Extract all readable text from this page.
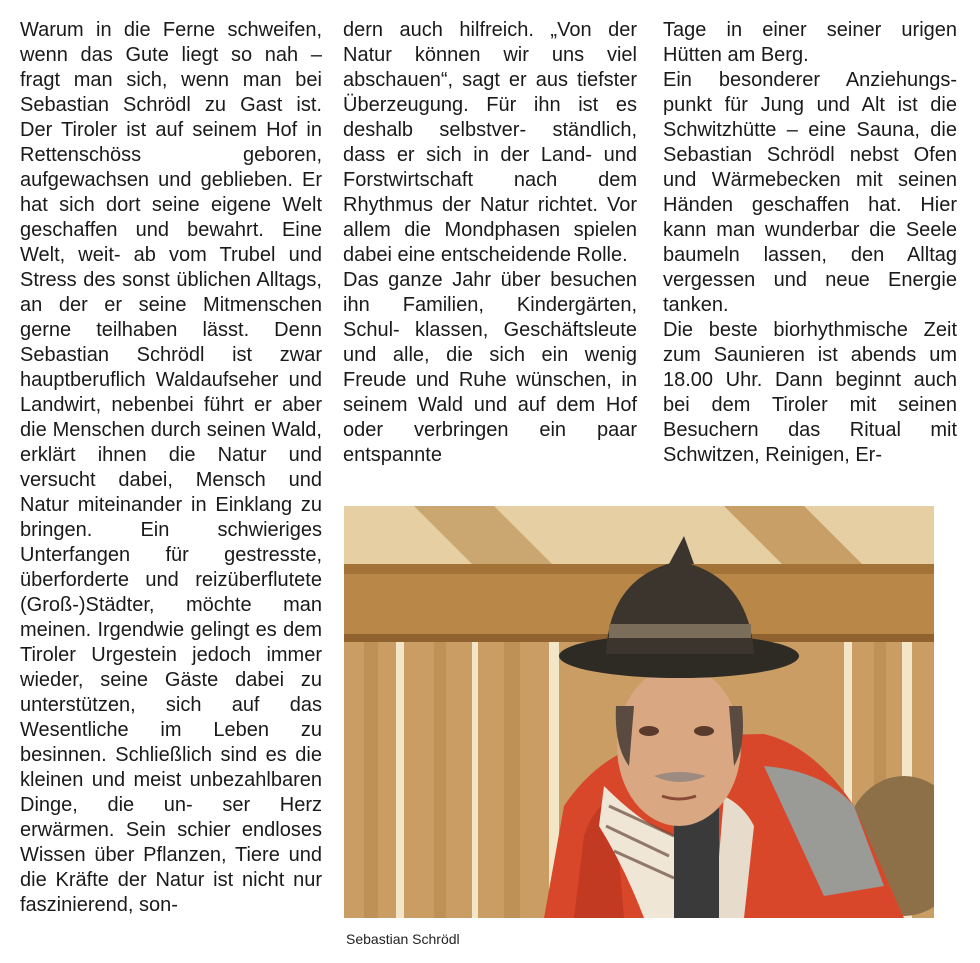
Warum in die Ferne schweifen, wenn das Gute liegt so nah – fragt man sich, wenn man bei Sebastian Schrödl zu Gast ist. Der Tiroler ist auf seinem Hof in Rettenschöss geboren, aufgewachsen und geblieben. Er hat sich dort seine eigene Welt geschaffen und bewahrt. Eine Welt, weit- ab vom Trubel und Stress des sonst üblichen Alltags, an der er seine Mitmenschen gerne teilhaben lässt. Denn Sebastian Schrödl ist zwar hauptberuflich Waldaufseher und Landwirt, nebenbei führt er aber die Menschen durch seinen Wald, erklärt ihnen die Natur und versucht dabei, Mensch und Natur miteinander in Einklang zu bringen. Ein schwieriges Unterfangen für gestresste, überforderte und reizüberflutete (Groß-)Städter, möchte man meinen. Irgendwie gelingt es dem Tiroler Urgestein jedoch immer wieder, seine Gäste dabei zu unterstützen, sich auf das Wesentliche im Leben zu besinnen. Schließlich sind es die kleinen und meist unbezahlbaren Dinge, die un- ser Herz erwärmen. Sein schier endloses Wissen über Pflanzen, Tiere und die Kräfte der Natur ist nicht nur faszinierend, son-

dern auch hilfreich. „Von der Natur können wir uns viel abschauen“, sagt er aus tiefster Überzeugung. Für ihn ist es deshalb selbstver- ständlich, dass er sich in der Land- und Forstwirtschaft nach dem Rhythmus der Natur richtet. Vor allem die Mondphasen spielen dabei eine entscheidende Rolle.

Das ganze Jahr über besuchen ihn Familien, Kindergärten, Schul- klassen, Geschäftsleute und alle, die sich ein wenig Freude und Ruhe wünschen, in seinem Wald und auf dem Hof oder verbringen ein paar entspannte

Tage in einer seiner urigen Hütten am Berg.

Ein besonderer Anziehungs- punkt für Jung und Alt ist die Schwitzhütte – eine Sauna, die Sebastian Schrödl nebst Ofen und Wärmebecken mit seinen Händen geschaffen hat. Hier kann man wunderbar die Seele baumeln lassen, den Alltag vergessen und neue Energie tanken.

Die beste biorhythmische Zeit zum Saunieren ist abends um 18.00 Uhr. Dann beginnt auch bei dem Tiroler mit seinen Besuchern das Ritual mit Schwitzen, Reinigen, Er-

Sebastian Schrödl
